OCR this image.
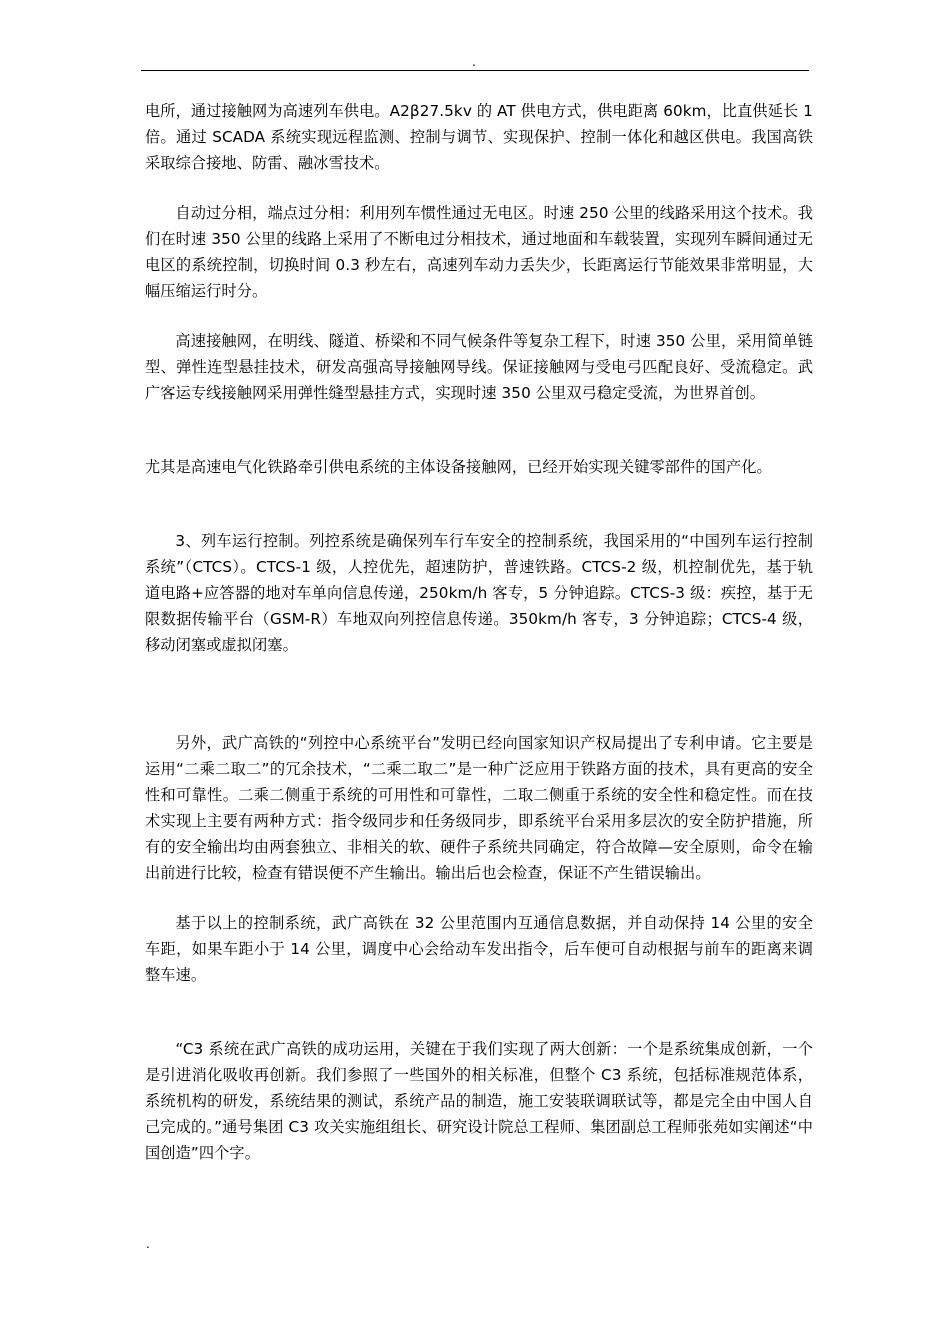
.

电所，通过接触网为高速列车供电。A2β27.5kv 的 AT 供电方式，供电距离 60km，比直供延长 1 倍。通过 SCADA 系统实现远程监测、控制与调节、实现保护、控制一体化和越区供电。我国高铁采取综合接地、防雷、融冰雪技术。

自动过分相，端点过分相：利用列车惯性通过无电区。时速 250 公里的线路采用这个技术。我们在时速 350 公里的线路上采用了不断电过分相技术，通过地面和车载装置，实现列车瞬间通过无电区的系统控制，切换时间 0.3 秒左右，高速列车动力丢失少，长距离运行节能效果非常明显，大幅压缩运行时分。

高速接触网，在明线、隧道、桥梁和不同气候条件等复杂工程下，时速 350 公里，采用简单链型、弹性连型悬挂技术，研发高强高导接触网导线。保证接触网与受电弓匹配良好、受流稳定。武广客运专线接触网采用弹性缝型悬挂方式，实现时速 350 公里双弓稳定受流，为世界首创。

尤其是高速电气化铁路牵引供电系统的主体设备接触网，已经开始实现关键零部件的国产化。

3、列车运行控制。列控系统是确保列车行车安全的控制系统，我国采用的“中国列车运行控制系统”（CTCS）。CTCS-1 级，人控优先，超速防护，普速铁路。CTCS-2 级，机控制优先，基于轨道电路+应答器的地对车单向信息传递，250km/h 客专，5 分钟追踪。CTCS-3 级：疾控，基于无限数据传输平台（GSM-R）车地双向列控信息传递。350km/h 客专，3 分钟追踪；CTCS-4 级，移动闭塞或虚拟闭塞。

另外，武广高铁的“列控中心系统平台”发明已经向国家知识产权局提出了专利申请。它主要是运用“二乘二取二”的冗余技术，“二乘二取二”是一种广泛应用于铁路方面的技术，具有更高的安全性和可靠性。二乘二侧重于系统的可用性和可靠性，二取二侧重于系统的安全性和稳定性。而在技术实现上主要有两种方式：指令级同步和任务级同步，即系统平台采用多层次的安全防护措施，所有的安全输出均由两套独立、非相关的软、硬件子系统共同确定，符合故障—安全原则，命令在输出前进行比较，检查有错误便不产生输出。输出后也会检查，保证不产生错误输出。

基于以上的控制系统，武广高铁在 32 公里范围内互通信息数据，并自动保持 14 公里的安全车距，如果车距小于 14 公里，调度中心会给动车发出指令，后车便可自动根据与前车的距离来调整车速。

“C3 系统在武广高铁的成功运用，关键在于我们实现了两大创新：一个是系统集成创新，一个是引进消化吸收再创新。我们参照了一些国外的相关标准，但整个 C3 系统，包括标准规范体系，系统机构的研发，系统结果的测试，系统产品的制造，施工安装联调联试等，都是完全由中国人自己完成的。”通号集团 C3 攻关实施组组长、研究设计院总工程师、集团副总工程师张苑如实阐述“中国创造”四个字。

.
